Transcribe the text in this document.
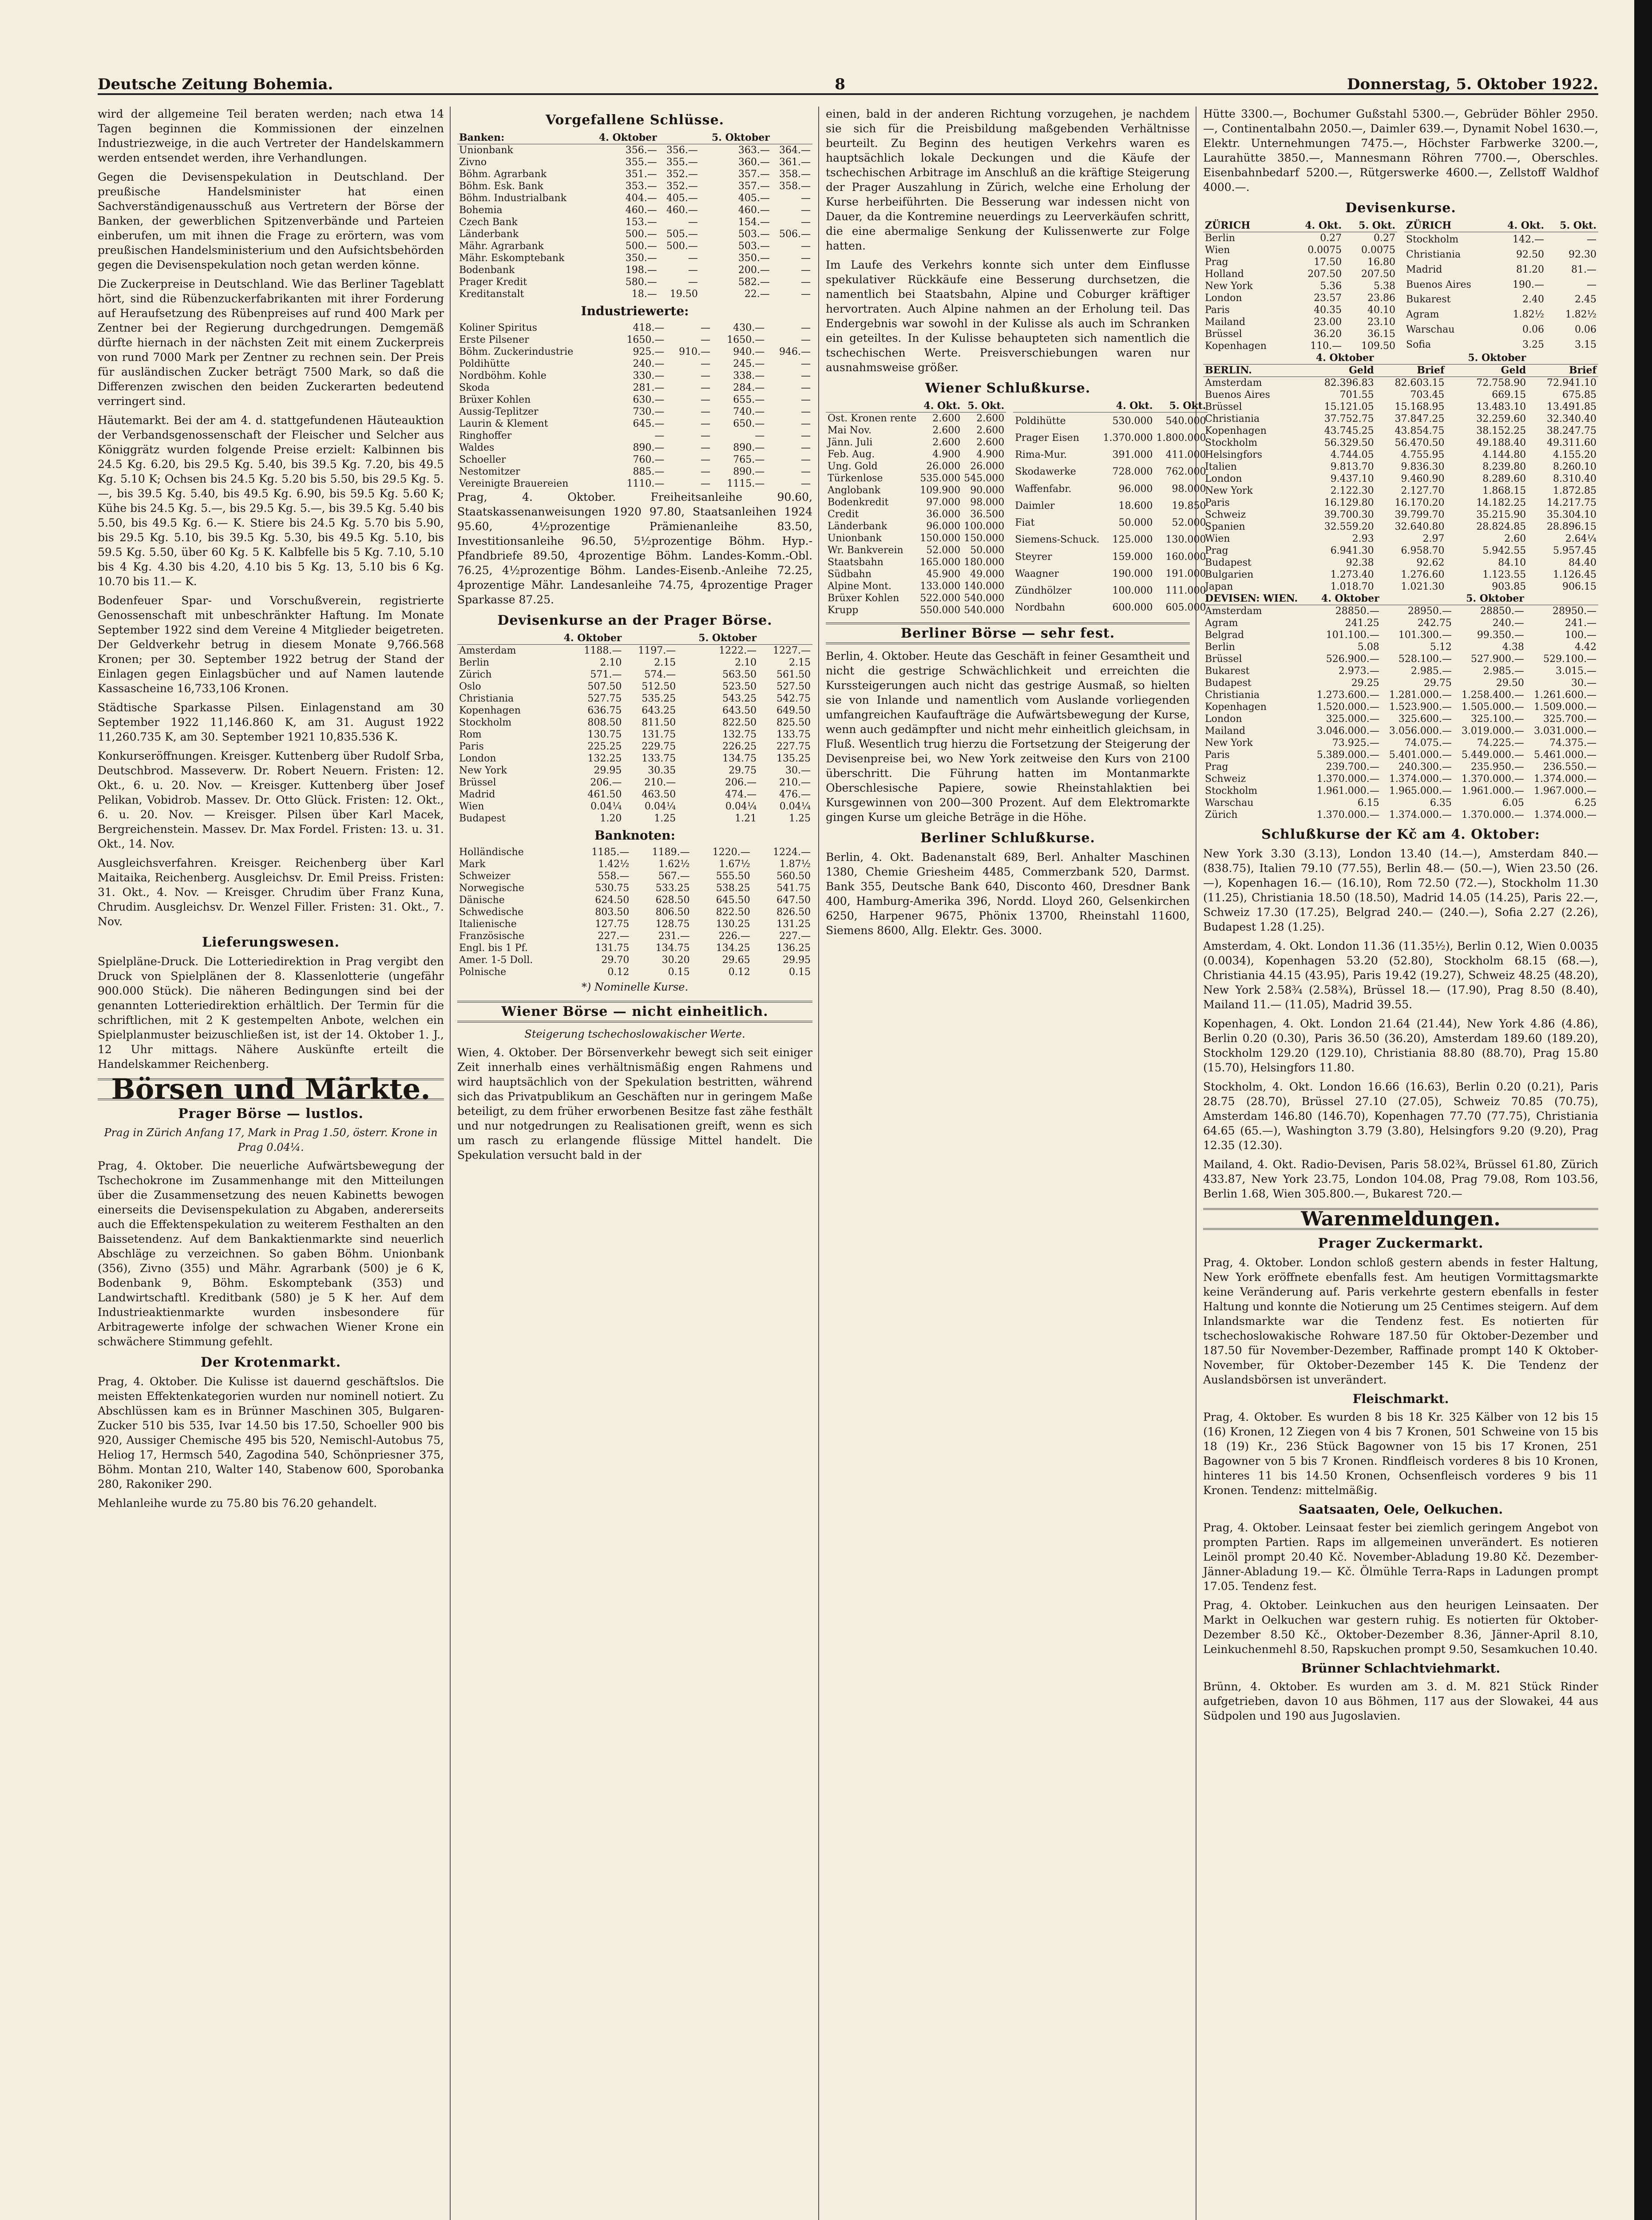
Deutsche Zeitung Bohemia.	8	Donnerstag, 5. Oktober 1922.

wird der allgemeine Teil beraten werden; nach etwa 14 Tagen beginnen die Kommissionen der einzelnen Industriezweige, in die auch Vertreter der Handelskammern werden entsendet werden, ihre Verhandlungen.

Gegen die Devisenspekulation in Deutschland. Der preußische Handelsminister hat einen Sachverständigenausschuß aus Vertretern der Börse der Banken, der gewerblichen Spitzenverbände und Parteien einberufen, um mit ihnen die Frage zu erörtern, was vom preußischen Handelsministerium und den Aufsichtsbehörden gegen die Devisenspekulation noch getan werden könne.

Die Zuckerpreise in Deutschland. Wie das Berliner Tageblatt hört, sind die Rübenzuckerfabrikanten mit ihrer Forderung auf Heraufsetzung des Rübenpreises auf rund 400 Mark per Zentner bei der Regierung durchgedrungen. Demgemäß dürfte hiernach in der nächsten Zeit mit einem Zuckerpreis von rund 7000 Mark per Zentner zu rechnen sein. Der Preis für ausländischen Zucker beträgt 7500 Mark, so daß die Differenzen zwischen den beiden Zuckerarten bedeutend verringert sind.

Häutemarkt. Bei der am 4. d. stattgefundenen Häuteauktion der Verbandsgenossenschaft der Fleischer und Selcher aus Königgrätz wurden folgende Preise erzielt: Kalbinnen bis 24.5 Kg. 6.20, bis 29.5 Kg. 5.40, bis 39.5 Kg. 7.20, bis 49.5 Kg. 5.10 K; Ochsen bis 24.5 Kg. 5.20 bis 5.50, bis 29.5 Kg. 5.—, bis 39.5 Kg. 5.40, bis 49.5 Kg. 6.90, bis 59.5 Kg. 5.60 K; Kühe bis 24.5 Kg. 5.—, bis 29.5 Kg. 5.—, bis 39.5 Kg. 5.40 bis 5.50, bis 49.5 Kg. 6.— K. Stiere bis 24.5 Kg. 5.70 bis 5.90, bis 29.5 Kg. 5.10, bis 39.5 Kg. 5.30, bis 49.5 Kg. 5.10, bis 59.5 Kg. 5.50, über 60 Kg. 5 K. Kalbfelle bis 5 Kg. 7.10, 5.10 bis 4 Kg. 4.30 bis 4.20, 4.10 bis 5 Kg. 13, 5.10 bis 6 Kg. 10.70 bis 11.— K.

Bodenfeuer Spar- und Vorschußverein, registrierte Genossenschaft mit unbeschränkter Haftung. Im Monate September 1922 sind dem Vereine 4 Mitglieder beigetreten. Der Geldverkehr betrug in diesem Monate 9,766.568 Kronen; per 30. September 1922 betrug der Stand der Einlagen gegen Einlagsbücher und auf Namen lautende Kassascheine 16,733,106 Kronen.

Städtische Sparkasse Pilsen. Einlagenstand am 30 September 1922 11,146.860 K, am 31. August 1922 11,260.735 K, am 30. September 1921 10,835.536 K.

Konkurseröffnungen. Kreisger. Kuttenberg über Rudolf Srba, Deutschbrod. Masseverw. Dr. Robert Neuern. Fristen: 12. Okt., 6. u. 20. Nov. — Kreisger. Kuttenberg über Josef Pelikan, Vobidrob. Massev. Dr. Otto Glück. Fristen: 12. Okt., 6. u. 20. Nov. — Kreisger. Pilsen über Karl Macek, Bergreichenstein. Massev. Dr. Max Fordel. Fristen: 13. u. 31. Okt., 14. Nov.

Ausgleichsverfahren. Kreisger. Reichenberg über Karl Maitaika, Reichenberg. Ausgleichsv. Dr. Emil Preiss. Fristen: 31. Okt., 4. Nov. — Kreisger. Chrudim über Franz Kuna, Chrudim. Ausgleichsv. Dr. Wenzel Filler. Fristen: 31. Okt., 7. Nov.

Lieferungswesen.

Spielpläne-Druck. Die Lotteriedirektion in Prag vergibt den Druck von Spielplänen der 8. Klassenlotterie (ungefähr 900.000 Stück). Die näheren Bedingungen sind bei der genannten Lotteriedirektion erhältlich. Der Termin für die schriftlichen, mit 2 K gestempelten Anbote, welchen ein Spielplanmuster beizuschließen ist, ist der 14. Oktober 1. J., 12 Uhr mittags. Nähere Auskünfte erteilt die Handelskammer Reichenberg.

Börsen und Märkte.
Prager Börse — lustlos.
Prag in Zürich Anfang 17, Mark in Prag 1.50, österr. Krone in Prag 0.04¼.

Prag, 4. Oktober. Die neuerliche Aufwärtsbewegung der Tschechokrone im Zusammenhange mit den Mitteilungen über die Zusammensetzung des neuen Kabinetts bewogen einerseits die Devisenspekulation zu Abgaben, andererseits auch die Effektenspekulation zu weiterem Festhalten an den Baissetendenz. Auf dem Bankaktienmarkte sind neuerlich Abschläge zu verzeichnen. So gaben Böhm. Unionbank (356), Zivno (355) und Mähr. Agrarbank (500) je 6 K, Bodenbank 9, Böhm. Eskomptebank (353) und Landwirtschaftl. Kreditbank (580) je 5 K her. Auf dem Industrieaktienmarkte wurden insbesondere für Arbitragewerte infolge der schwachen Wiener Krone ein schwächere Stimmung gefehlt.

Der Krotenmarkt.

Prag, 4. Oktober. Die Kulisse ist dauernd geschäftslos. Die meisten Effektenkategorien wurden nur nominell notiert. Zu Abschlüssen kam es in Brünner Maschinen 305, Bulgaren-Zucker 510 bis 535, Ivar 14.50 bis 17.50, Schoeller 900 bis 920, Aussiger Chemische 495 bis 520, Nemischl-Autobus 75, Heliog 17, Hermsch 540, Zagodina 540, Schönpriesner 375, Böhm. Montan 210, Walter 140, Stabenow 600, Sporobanka 280, Rakoniker 290.

Mehlanleihe wurde zu 75.80 bis 76.20 gehandelt.

Vorgefallene Schlüsse.
Banken:	4. Oktober		5. Oktober	
Unionbank	356.—	356.—	363.—	364.—
Zivno	355.—	355.—	360.—	361.—
Böhm. Agrarbank	351.—	352.—	357.—	358.—
Böhm. Esk. Bank	353.—	352.—	357.—	358.—
Böhm. Industrialbank	404.—	405.—	405.—	—
Bohemia	460.—	460.—	460.—	—
Czech Bank	153.—	—	154.—	—
Länderbank	500.—	505.—	503.—	506.—
Mähr. Agrarbank	500.—	500.—	503.—	—
Mähr. Eskomptebank	350.—	—	350.—	—
Bodenbank	198.—	—	200.—	—
Prager Kredit	580.—	—	582.—	—
Kreditanstalt	18.—	19.50	22.—	—
Industriewerte:
Koliner Spiritus	418.—	—	430.—	—
Erste Pilsener	1650.—	—	1650.—	—
Böhm. Zuckerindustrie	925.—	910.—	940.—	946.—
Poldihütte	240.—	—	245.—	—
Nordböhm. Kohle	330.—	—	338.—	—
Skoda	281.—	—	284.—	—
Brüxer Kohlen	630.—	—	655.—	—
Aussig-Teplitzer	730.—	—	740.—	—
Laurin & Klement	645.—	—	650.—	—
Ringhoffer	—	—	—	—
Waldes	890.—	—	890.—	—
Schoeller	760.—	—	765.—	—
Nestomitzer	885.—	—	890.—	—
Vereinigte Brauereien	1110.—	—	1115.—	—

Prag, 4. Oktober. Freiheitsanleihe 90.60, Staatskassenanweisungen 1920 97.80, Staatsanleihen 1924 95.60, 4½prozentige Prämienanleihe 83.50, Investitionsanleihe 96.50, 5½prozentige Böhm. Hyp.-Pfandbriefe 89.50, 4prozentige Böhm. Landes-Komm.-Obl. 76.25, 4½prozentige Böhm. Landes-Eisenb.-Anleihe 72.25, 4prozentige Mähr. Landesanleihe 74.75, 4prozentige Prager Sparkasse 87.25.

Devisenkurse an der Prager Börse.
	4. Oktober		5. Oktober	
Amsterdam	1188.—	1197.—	1222.—	1227.—
Berlin	2.10	2.15	2.10	2.15
Zürich	571.—	574.—	563.50	561.50
Oslo	507.50	512.50	523.50	527.50
Christiania	527.75	535.25	543.25	542.75
Kopenhagen	636.75	643.25	643.50	649.50
Stockholm	808.50	811.50	822.50	825.50
Rom	130.75	131.75	132.75	133.75
Paris	225.25	229.75	226.25	227.75
London	132.25	133.75	134.75	135.25
New York	29.95	30.35	29.75	30.—
Brüssel	206.—	210.—	206.—	210.—
Madrid	461.50	463.50	474.—	476.—
Wien	0.04¼	0.04¼	0.04¼	0.04¼
Budapest	1.20	1.25	1.21	1.25
Banknoten:
Holländische	1185.—	1189.—	1220.—	1224.—
Mark	1.42½	1.62½	1.67½	1.87½
Schweizer	558.—	567.—	555.50	560.50
Norwegische	530.75	533.25	538.25	541.75
Dänische	624.50	628.50	645.50	647.50
Schwedische	803.50	806.50	822.50	826.50
Italienische	127.75	128.75	130.25	131.25
Französische	227.—	231.—	226.—	227.—
Engl. bis 1 Pf.	131.75	134.75	134.25	136.25
Amer. 1-5 Doll.	29.70	30.20	29.65	29.95
Polnische	0.12	0.15	0.12	0.15
*) Nominelle Kurse.
Wiener Börse — nicht einheitlich.
Steigerung tschechoslowakischer Werte.

Wien, 4. Oktober. Der Börsenverkehr bewegt sich seit einiger Zeit innerhalb eines verhältnismäßig engen Rahmens und wird hauptsächlich von der Spekulation bestritten, während sich das Privatpublikum an Geschäften nur in geringem Maße beteiligt, zu dem früher erworbenen Besitze fast zähe festhält und nur notgedrungen zu Realisationen greift, wenn es sich um rasch zu erlangende flüssige Mittel handelt. Die Spekulation versucht bald in der

einen, bald in der anderen Richtung vorzugehen, je nachdem sie sich für die Preisbildung maßgebenden Verhältnisse beurteilt. Zu Beginn des heutigen Verkehrs waren es hauptsächlich lokale Deckungen und die Käufe der tschechischen Arbitrage im Anschluß an die kräftige Steigerung der Prager Auszahlung in Zürich, welche eine Erholung der Kurse herbeiführten. Die Besserung war indessen nicht von Dauer, da die Kontremine neuerdings zu Leerverkäufen schritt, die eine abermalige Senkung der Kulissenwerte zur Folge hatten.

Im Laufe des Verkehrs konnte sich unter dem Einflusse spekulativer Rückkäufe eine Besserung durchsetzen, die namentlich bei Staatsbahn, Alpine und Coburger kräftiger hervortraten. Auch Alpine nahmen an der Erholung teil. Das Endergebnis war sowohl in der Kulisse als auch im Schranken ein geteiltes. In der Kulisse behaupteten sich namentlich die tschechischen Werte. Preisverschiebungen waren nur ausnahmsweise größer.

Wiener Schlußkurse.
	4. Okt.	5. Okt.
Ost. Kronen rente	2.600	2.600
Mai Nov.	2.600	2.600
Jänn. Juli	2.600	2.600
Feb. Aug.	4.900	4.900
Ung. Gold	26.000	26.000
Türkenlose	535.000	545.000
Anglobank	109.900	90.000
Bodenkredit	97.000	98.000
Credit	36.000	36.500
Länderbank	96.000	100.000
Unionbank	150.000	150.000
Wr. Bankverein	52.000	50.000
Staatsbahn	165.000	180.000
Südbahn	45.900	49.000
Alpine Mont.	133.000	140.000
Brüxer Kohlen	522.000	540.000
Krupp	550.000	540.000
	4. Okt.	5. Okt.
Poldihütte	530.000	540.000
Prager Eisen	1.370.000	1.800.000
Rima-Mur.	391.000	411.000
Skodawerke	728.000	762.000
Waffenfabr.	96.000	98.000
Daimler	18.600	19.850
Fiat	50.000	52.000
Siemens-Schuck.	125.000	130.000
Steyrer	159.000	160.000
Waagner	190.000	191.000
Zündhölzer	100.000	111.000
Nordbahn	600.000	605.000
Berliner Börse — sehr fest.

Berlin, 4. Oktober. Heute das Geschäft in feiner Gesamtheit und nicht die gestrige Schwächlichkeit und erreichten die Kurssteigerungen auch nicht das gestrige Ausmaß, so hielten sie von Inlande und namentlich vom Auslande vorliegenden umfangreichen Kaufaufträge die Aufwärtsbewegung der Kurse, wenn auch gedämpfter und nicht mehr einheitlich gleichsam, in Fluß. Wesentlich trug hierzu die Fortsetzung der Steigerung der Devisenpreise bei, wo New York zeitweise den Kurs von 2100 überschritt. Die Führung hatten im Montanmarkte Oberschlesische Papiere, sowie Rheinstahlaktien bei Kursgewinnen von 200—300 Prozent. Auf dem Elektromarkte gingen Kurse um gleiche Beträge in die Höhe.

Berliner Schlußkurse.

Berlin, 4. Okt. Badenanstalt 689, Berl. Anhalter Maschinen 1380, Chemie Griesheim 4485, Commerzbank 520, Darmst. Bank 355, Deutsche Bank 640, Disconto 460, Dresdner Bank 400, Hamburg-Amerika 396, Nordd. Lloyd 260, Gelsenkirchen 6250, Harpener 9675, Phönix 13700, Rheinstahl 11600, Siemens 8600, Allg. Elektr. Ges. 3000.

Hütte 3300.—, Bochumer Gußstahl 5300.—, Gebrüder Böhler 2950.—, Continentalbahn 2050.—, Daimler 639.—, Dynamit Nobel 1630.—, Elektr. Unternehmungen 7475.—, Höchster Farbwerke 3200.—, Laurahütte 3850.—, Mannesmann Röhren 7700.—, Oberschles. Eisenbahnbedarf 5200.—, Rütgerswerke 4600.—, Zellstoff Waldhof 4000.—.

Devisenkurse.
ZÜRICH	4. Okt.	5. Okt.
Berlin	0.27	0.27
Wien	0.0075	0.0075
Prag	17.50	16.80
Holland	207.50	207.50
New York	5.36	5.38
London	23.57	23.86
Paris	40.35	40.10
Mailand	23.00	23.10
Brüssel	36.20	36.15
Kopenhagen	110.—	109.50
ZÜRICH	4. Okt.	5. Okt.
Stockholm	142.—	—
Christiania	92.50	92.30
Madrid	81.20	81.—
Buenos Aires	190.—	—
Bukarest	2.40	2.45
Agram	1.82½	1.82½
Warschau	0.06	0.06
Sofia	3.25	3.15
	4. Oktober		5. Oktober	
BERLIN.	Geld	Brief	Geld	Brief
Amsterdam	82.396.83	82.603.15	72.758.90	72.941.10
Buenos Aires	701.55	703.45	669.15	675.85
Brüssel	15.121.05	15.168.95	13.483.10	13.491.85
Christiania	37.752.75	37.847.25	32.259.60	32.340.40
Kopenhagen	43.745.25	43.854.75	38.152.25	38.247.75
Stockholm	56.329.50	56.470.50	49.188.40	49.311.60
Helsingfors	4.744.05	4.755.95	4.144.80	4.155.20
Italien	9.813.70	9.836.30	8.239.80	8.260.10
London	9.437.10	9.460.90	8.289.60	8.310.40
New York	2.122.30	2.127.70	1.868.15	1.872.85
Paris	16.129.80	16.170.20	14.182.25	14.217.75
Schweiz	39.700.30	39.799.70	35.215.90	35.304.10
Spanien	32.559.20	32.640.80	28.824.85	28.896.15
Wien	2.93	2.97	2.60	2.64¼
Prag	6.941.30	6.958.70	5.942.55	5.957.45
Budapest	92.38	92.62	84.10	84.40
Bulgarien	1.273.40	1.276.60	1.123.55	1.126.45
Japan	1.018.70	1.021.30	903.85	906.15
DEVISEN: WIEN.	4. Oktober		5. Oktober	
Amsterdam	28850.—	28950.—	28850.—	28950.—
Agram	241.25	242.75	240.—	241.—
Belgrad	101.100.—	101.300.—	99.350.—	100.—
Berlin	5.08	5.12	4.38	4.42
Brüssel	526.900.—	528.100.—	527.900.—	529.100.—
Bukarest	2.973.—	2.985.—	2.985.—	3.015.—
Budapest	29.25	29.75	29.50	30.—
Christiania	1.273.600.—	1.281.000.—	1.258.400.—	1.261.600.—
Kopenhagen	1.520.000.—	1.523.900.—	1.505.000.—	1.509.000.—
London	325.000.—	325.600.—	325.100.—	325.700.—
Mailand	3.046.000.—	3.056.000.—	3.019.000.—	3.031.000.—
New York	73.925.—	74.075.—	74.225.—	74.375.—
Paris	5.389.000.—	5.401.000.—	5.449.000.—	5.461.000.—
Prag	239.700.—	240.300.—	235.950.—	236.550.—
Schweiz	1.370.000.—	1.374.000.—	1.370.000.—	1.374.000.—
Stockholm	1.961.000.—	1.965.000.—	1.961.000.—	1.967.000.—
Warschau	6.15	6.35	6.05	6.25
Zürich	1.370.000.—	1.374.000.—	1.370.000.—	1.374.000.—
Schlußkurse der Kč am 4. Oktober:

New York 3.30 (3.13), London 13.40 (14.—), Amsterdam 840.— (838.75), Italien 79.10 (77.55), Berlin 48.— (50.—), Wien 23.50 (26.—), Kopenhagen 16.— (16.10), Rom 72.50 (72.—), Stockholm 11.30 (11.25), Christiania 18.50 (18.50), Madrid 14.05 (14.25), Paris 22.—, Schweiz 17.30 (17.25), Belgrad 240.— (240.—), Sofia 2.27 (2.26), Budapest 1.28 (1.25).

Amsterdam, 4. Okt. London 11.36 (11.35½), Berlin 0.12, Wien 0.0035 (0.0034), Kopenhagen 53.20 (52.80), Stockholm 68.15 (68.—), Christiania 44.15 (43.95), Paris 19.42 (19.27), Schweiz 48.25 (48.20), New York 2.58¾ (2.58¾), Brüssel 18.— (17.90), Prag 8.50 (8.40), Mailand 11.— (11.05), Madrid 39.55.

Kopenhagen, 4. Okt. London 21.64 (21.44), New York 4.86 (4.86), Berlin 0.20 (0.30), Paris 36.50 (36.20), Amsterdam 189.60 (189.20), Stockholm 129.20 (129.10), Christiania 88.80 (88.70), Prag 15.80 (15.70), Helsingfors 11.80.

Stockholm, 4. Okt. London 16.66 (16.63), Berlin 0.20 (0.21), Paris 28.75 (28.70), Brüssel 27.10 (27.05), Schweiz 70.85 (70.75), Amsterdam 146.80 (146.70), Kopenhagen 77.70 (77.75), Christiania 64.65 (65.—), Washington 3.79 (3.80), Helsingfors 9.20 (9.20), Prag 12.35 (12.30).

Mailand, 4. Okt. Radio-Devisen, Paris 58.02¾, Brüssel 61.80, Zürich 433.87, New York 23.75, London 104.08, Prag 79.08, Rom 103.56, Berlin 1.68, Wien 305.800.—, Bukarest 720.—

Warenmeldungen.
Prager Zuckermarkt.

Prag, 4. Oktober. London schloß gestern abends in fester Haltung, New York eröffnete ebenfalls fest. Am heutigen Vormittagsmarkte keine Veränderung auf. Paris verkehrte gestern ebenfalls in fester Haltung und konnte die Notierung um 25 Centimes steigern. Auf dem Inlandsmarkte war die Tendenz fest. Es notierten für tschechoslowakische Rohware 187.50 für Oktober-Dezember und 187.50 für November-Dezember, Raffinade prompt 140 K Oktober-November, für Oktober-Dezember 145 K. Die Tendenz der Auslandsbörsen ist unverändert.

Fleischmarkt.

Prag, 4. Oktober. Es wurden 8 bis 18 Kr. 325 Kälber von 12 bis 15 (16) Kronen, 12 Ziegen von 4 bis 7 Kronen, 501 Schweine von 15 bis 18 (19) Kr., 236 Stück Bagowner von 15 bis 17 Kronen, 251 Bagowner von 5 bis 7 Kronen. Rindfleisch vorderes 8 bis 10 Kronen, hinteres 11 bis 14.50 Kronen, Ochsenfleisch vorderes 9 bis 11 Kronen. Tendenz: mittelmäßig.

Saatsaaten, Oele, Oelkuchen.

Prag, 4. Oktober. Leinsaat fester bei ziemlich geringem Angebot von prompten Partien. Raps im allgemeinen unverändert. Es notieren Leinöl prompt 20.40 Kč. November-Abladung 19.80 Kč. Dezember-Jänner-Abladung 19.— Kč. Ölmühle Terra-Raps in Ladungen prompt 17.05. Tendenz fest.

Prag, 4. Oktober. Leinkuchen aus den heurigen Leinsaaten. Der Markt in Oelkuchen war gestern ruhig. Es notierten für Oktober-Dezember 8.50 Kč., Oktober-Dezember 8.36, Jänner-April 8.10, Leinkuchenmehl 8.50, Rapskuchen prompt 9.50, Sesamkuchen 10.40.

Brünner Schlachtviehmarkt.

Brünn, 4. Oktober. Es wurden am 3. d. M. 821 Stück Rinder aufgetrieben, davon 10 aus Böhmen, 117 aus der Slowakei, 44 aus Südpolen und 190 aus Jugoslavien.
